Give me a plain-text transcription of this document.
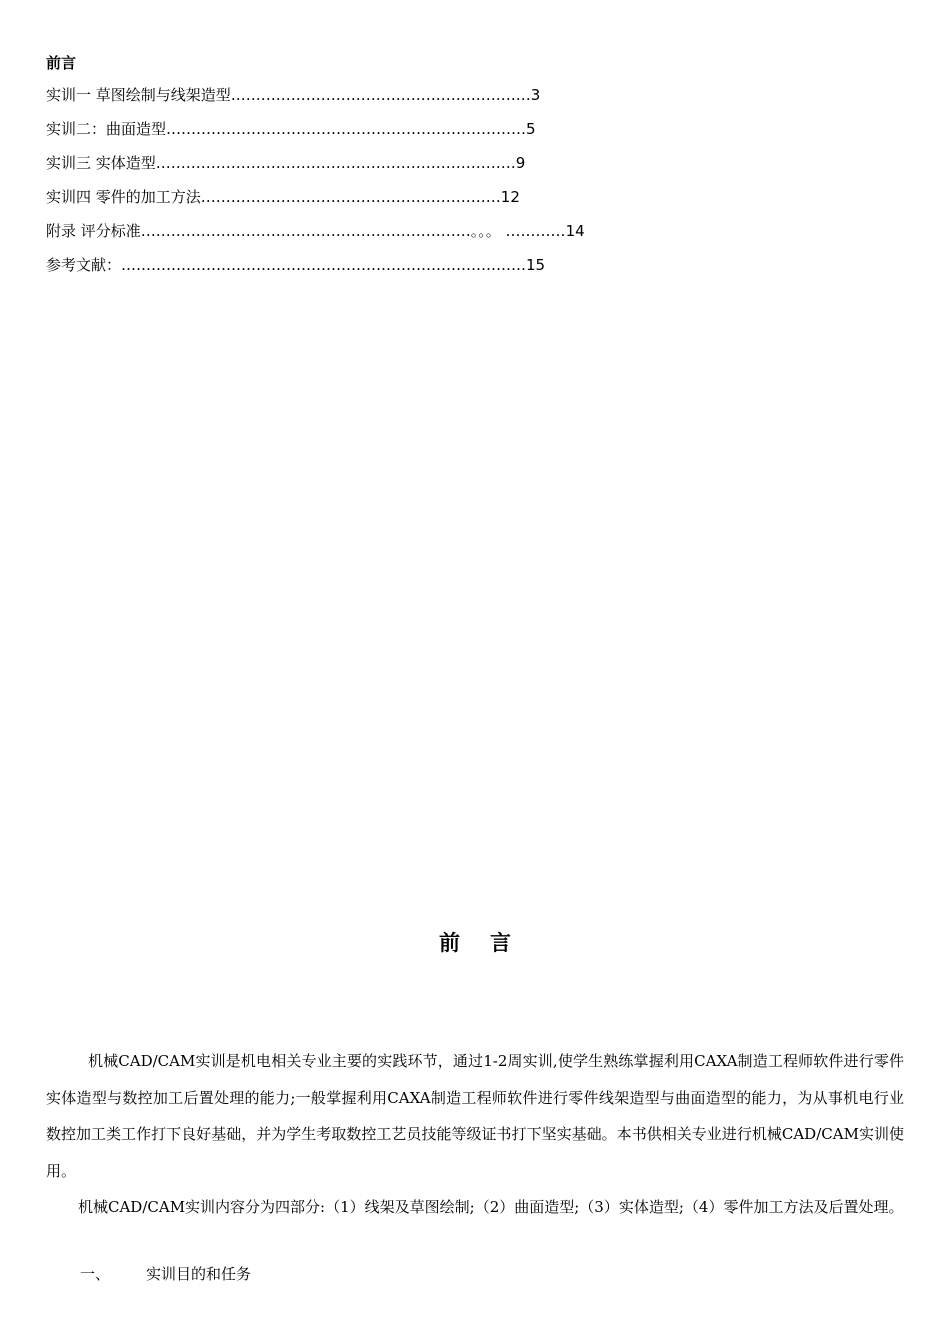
前言
实训一 草图绘制与线架造型……………………………………………………3
实训二：曲面造型………………………………………………………………5
实训三 实体造型………………………………………………………………9
实训四 零件的加工方法……………………………………………………12
附录 评分标准…………………………………………………………。。。 …………14
参考文献：………………………………………………………………………15
前言

机械CAD/CAM实训是机电相关专业主要的实践环节，通过1-2周实训,使学生熟练掌握利用CAXA制造工程师软件进行零件实体造型与数控加工后置处理的能力;一般掌握利用CAXA制造工程师软件进行零件线架造型与曲面造型的能力，为从事机电行业数控加工类工作打下良好基础，并为学生考取数控工艺员技能等级证书打下坚实基础。本书供相关专业进行机械CAD/CAM实训使用。

机械CAD/CAM实训内容分为四部分:（1）线架及草图绘制;（2）曲面造型;（3）实体造型;（4）零件加工方法及后置处理。

一、 实训目的和任务
